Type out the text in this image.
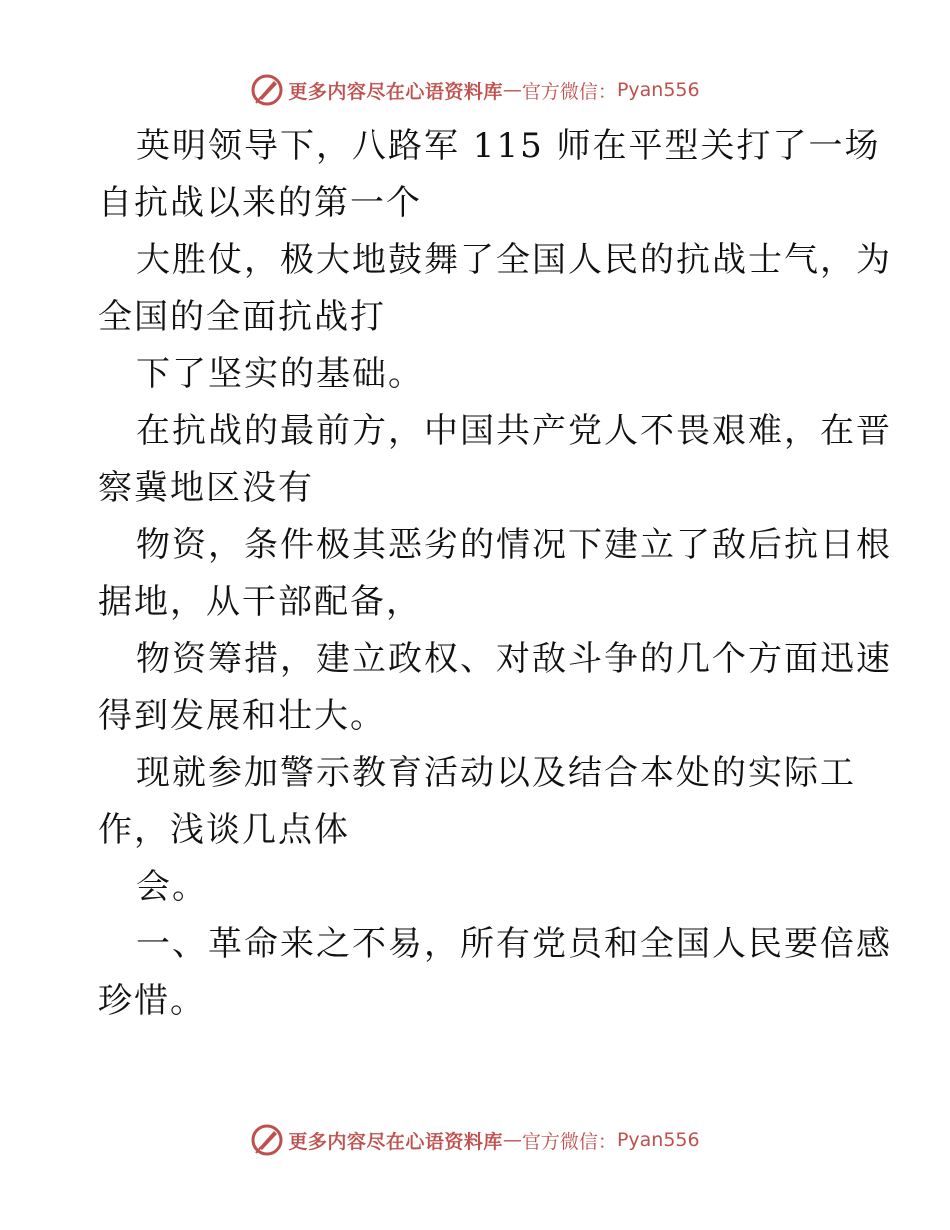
更多内容尽在心语资料库 — 官方微信： Pyan556
英明领导下，八路军 115 师在平型关打了一场
自抗战以来的第一个
大胜仗，极大地鼓舞了全国人民的抗战士气，为
全国的全面抗战打
下了坚实的基础。
在抗战的最前方，中国共产党人不畏艰难，在晋
察冀地区没有
物资，条件极其恶劣的情况下建立了敌后抗日根
据地，从干部配备，
物资筹措，建立政权、对敌斗争的几个方面迅速
得到发展和壮大。
现就参加警示教育活动以及结合本处的实际工
作，浅谈几点体
会。
一、革命来之不易，所有党员和全国人民要倍感
珍惜。
更多内容尽在心语资料库 — 官方微信： Pyan556
